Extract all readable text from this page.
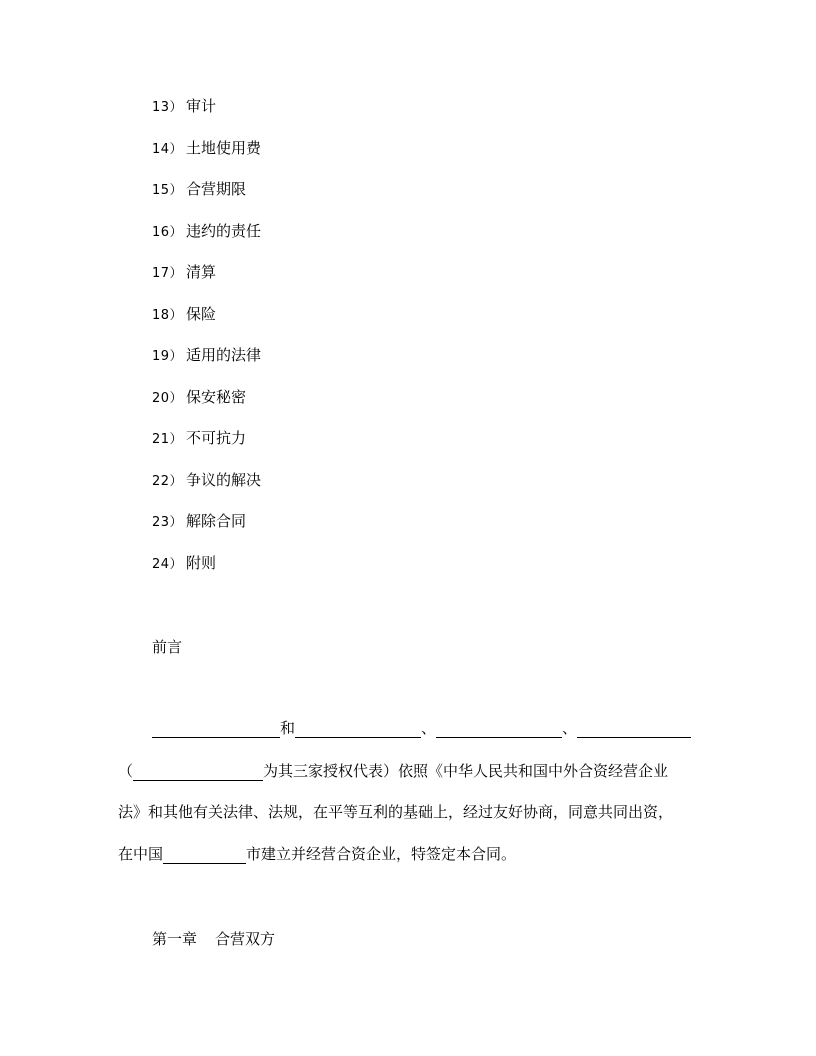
13） 审计
14） 土地使用费
15） 合营期限
16） 违约的责任
17） 清算
18） 保险
19） 适用的法律
20） 保安秘密
21） 不可抗力
22） 争议的解决
23） 解除合同
24） 附则
前言
和	、	、
（	为其三家授权代表）依照《中华人民共和国中外合资经营企业
法》和其他有关法律、法规，在平等互利的基础上，经过友好协商，同意共同出资，
在中国	市建立并经营合资企业，特签定本合同。
第一章 合营双方
